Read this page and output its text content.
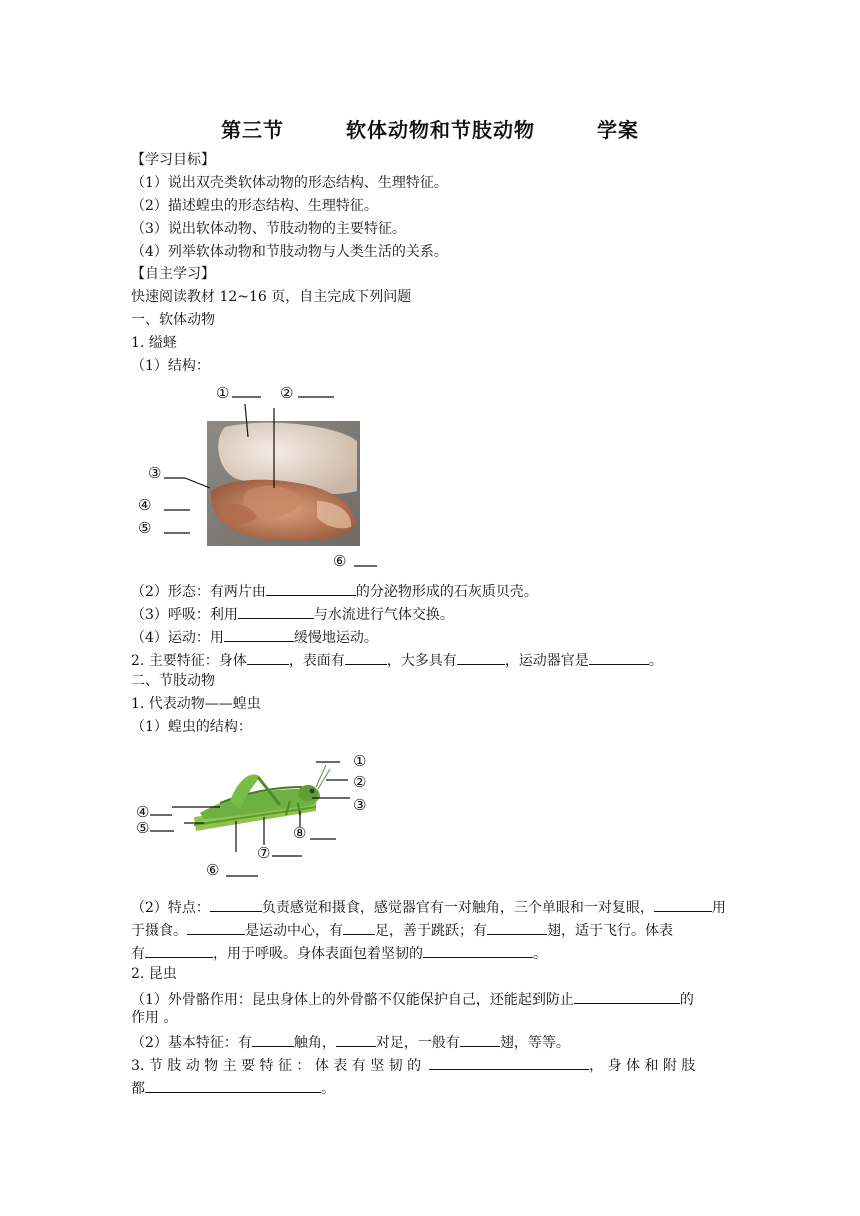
第三节	软体动物和节肢动物	学案
【学习目标】
（1）说出双壳类软体动物的形态结构、生理特征。
（2）描述蝗虫的形态结构、生理特征。
（3）说出软体动物、节肢动物的主要特征。
（4）列举软体动物和节肢动物与人类生活的关系。
【自主学习】
快速阅读教材 12~16 页，自主完成下列问题
一、软体动物
1. 缢蛏
（1）结构：
①	②
③
④
⑤
⑥
（2）形态：有两片由	的分泌物形成的石灰质贝壳。
（3）呼吸：利用	与水流进行气体交换。
（4）运动：用	缓慢地运动。
2. 主要特征：身体	，表面有	，大多具有	，运动器官是	。
二、节肢动物
1. 代表动物——蝗虫
（1）蝗虫的结构：
①
②
③
④
⑤
⑥
⑦
⑧
（2）特点：	负责感觉和摄食，感觉器官有一对触角，三个单眼和一对复眼，	用
于摄食。	是运动中心，有 足，善于跳跃；有	翅，适于飞行。体表
有	，用于呼吸。身体表面包着坚韧的	。
2. 昆虫
（1）外骨骼作用：昆虫身体上的外骨骼不仅能保护自己，还能起到防止	的
作用 。
（2）基本特征：有	触角，	对足，一般有	翅，等等。
3. 节 肢 动 物 主 要 特 征 ： 体 表 有 坚 韧 的	， 身 体 和 附 肢
都	。
